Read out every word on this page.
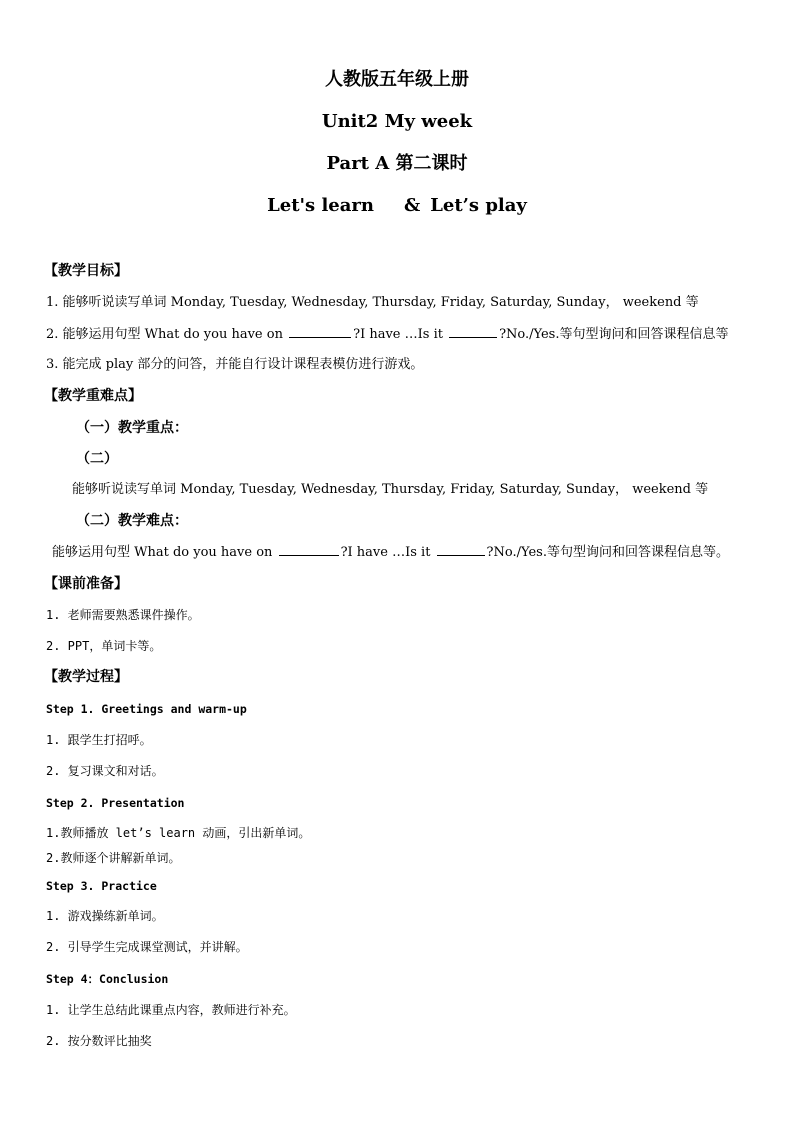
人教版五年级上册
Unit2 My week
Part A 第二课时
Let's learn & Let’s play
【教学目标】
1. 能够听说读写单词 Monday, Tuesday, Wednesday, Thursday, Friday, Saturday, Sunday， weekend 等
2. 能够运用句型 What do you have on	?I have …Is it	?No./Yes.等句型询问和回答课程信息等
3. 能完成 play 部分的问答，并能自行设计课程表模仿进行游戏。
【教学重难点】
（一）教学重点：
（二）
能够听说读写单词 Monday, Tuesday, Wednesday, Thursday, Friday, Saturday, Sunday， weekend 等
（二）教学难点：
能够运用句型 What do you have on	?I have …Is it	?No./Yes.等句型询问和回答课程信息等。
【课前准备】
1. 老师需要熟悉课件操作。
2. PPT，单词卡等。
【教学过程】
Step 1. Greetings and warm-up
1. 跟学生打招呼。
2. 复习课文和对话。
Step 2. Presentation
1.教师播放 let’s learn 动画，引出新单词。
2.教师逐个讲解新单词。
Step 3. Practice
1. 游戏操练新单词。
2. 引导学生完成课堂测试，并讲解。
Step 4：Conclusion
1. 让学生总结此课重点内容，教师进行补充。
2. 按分数评比抽奖
